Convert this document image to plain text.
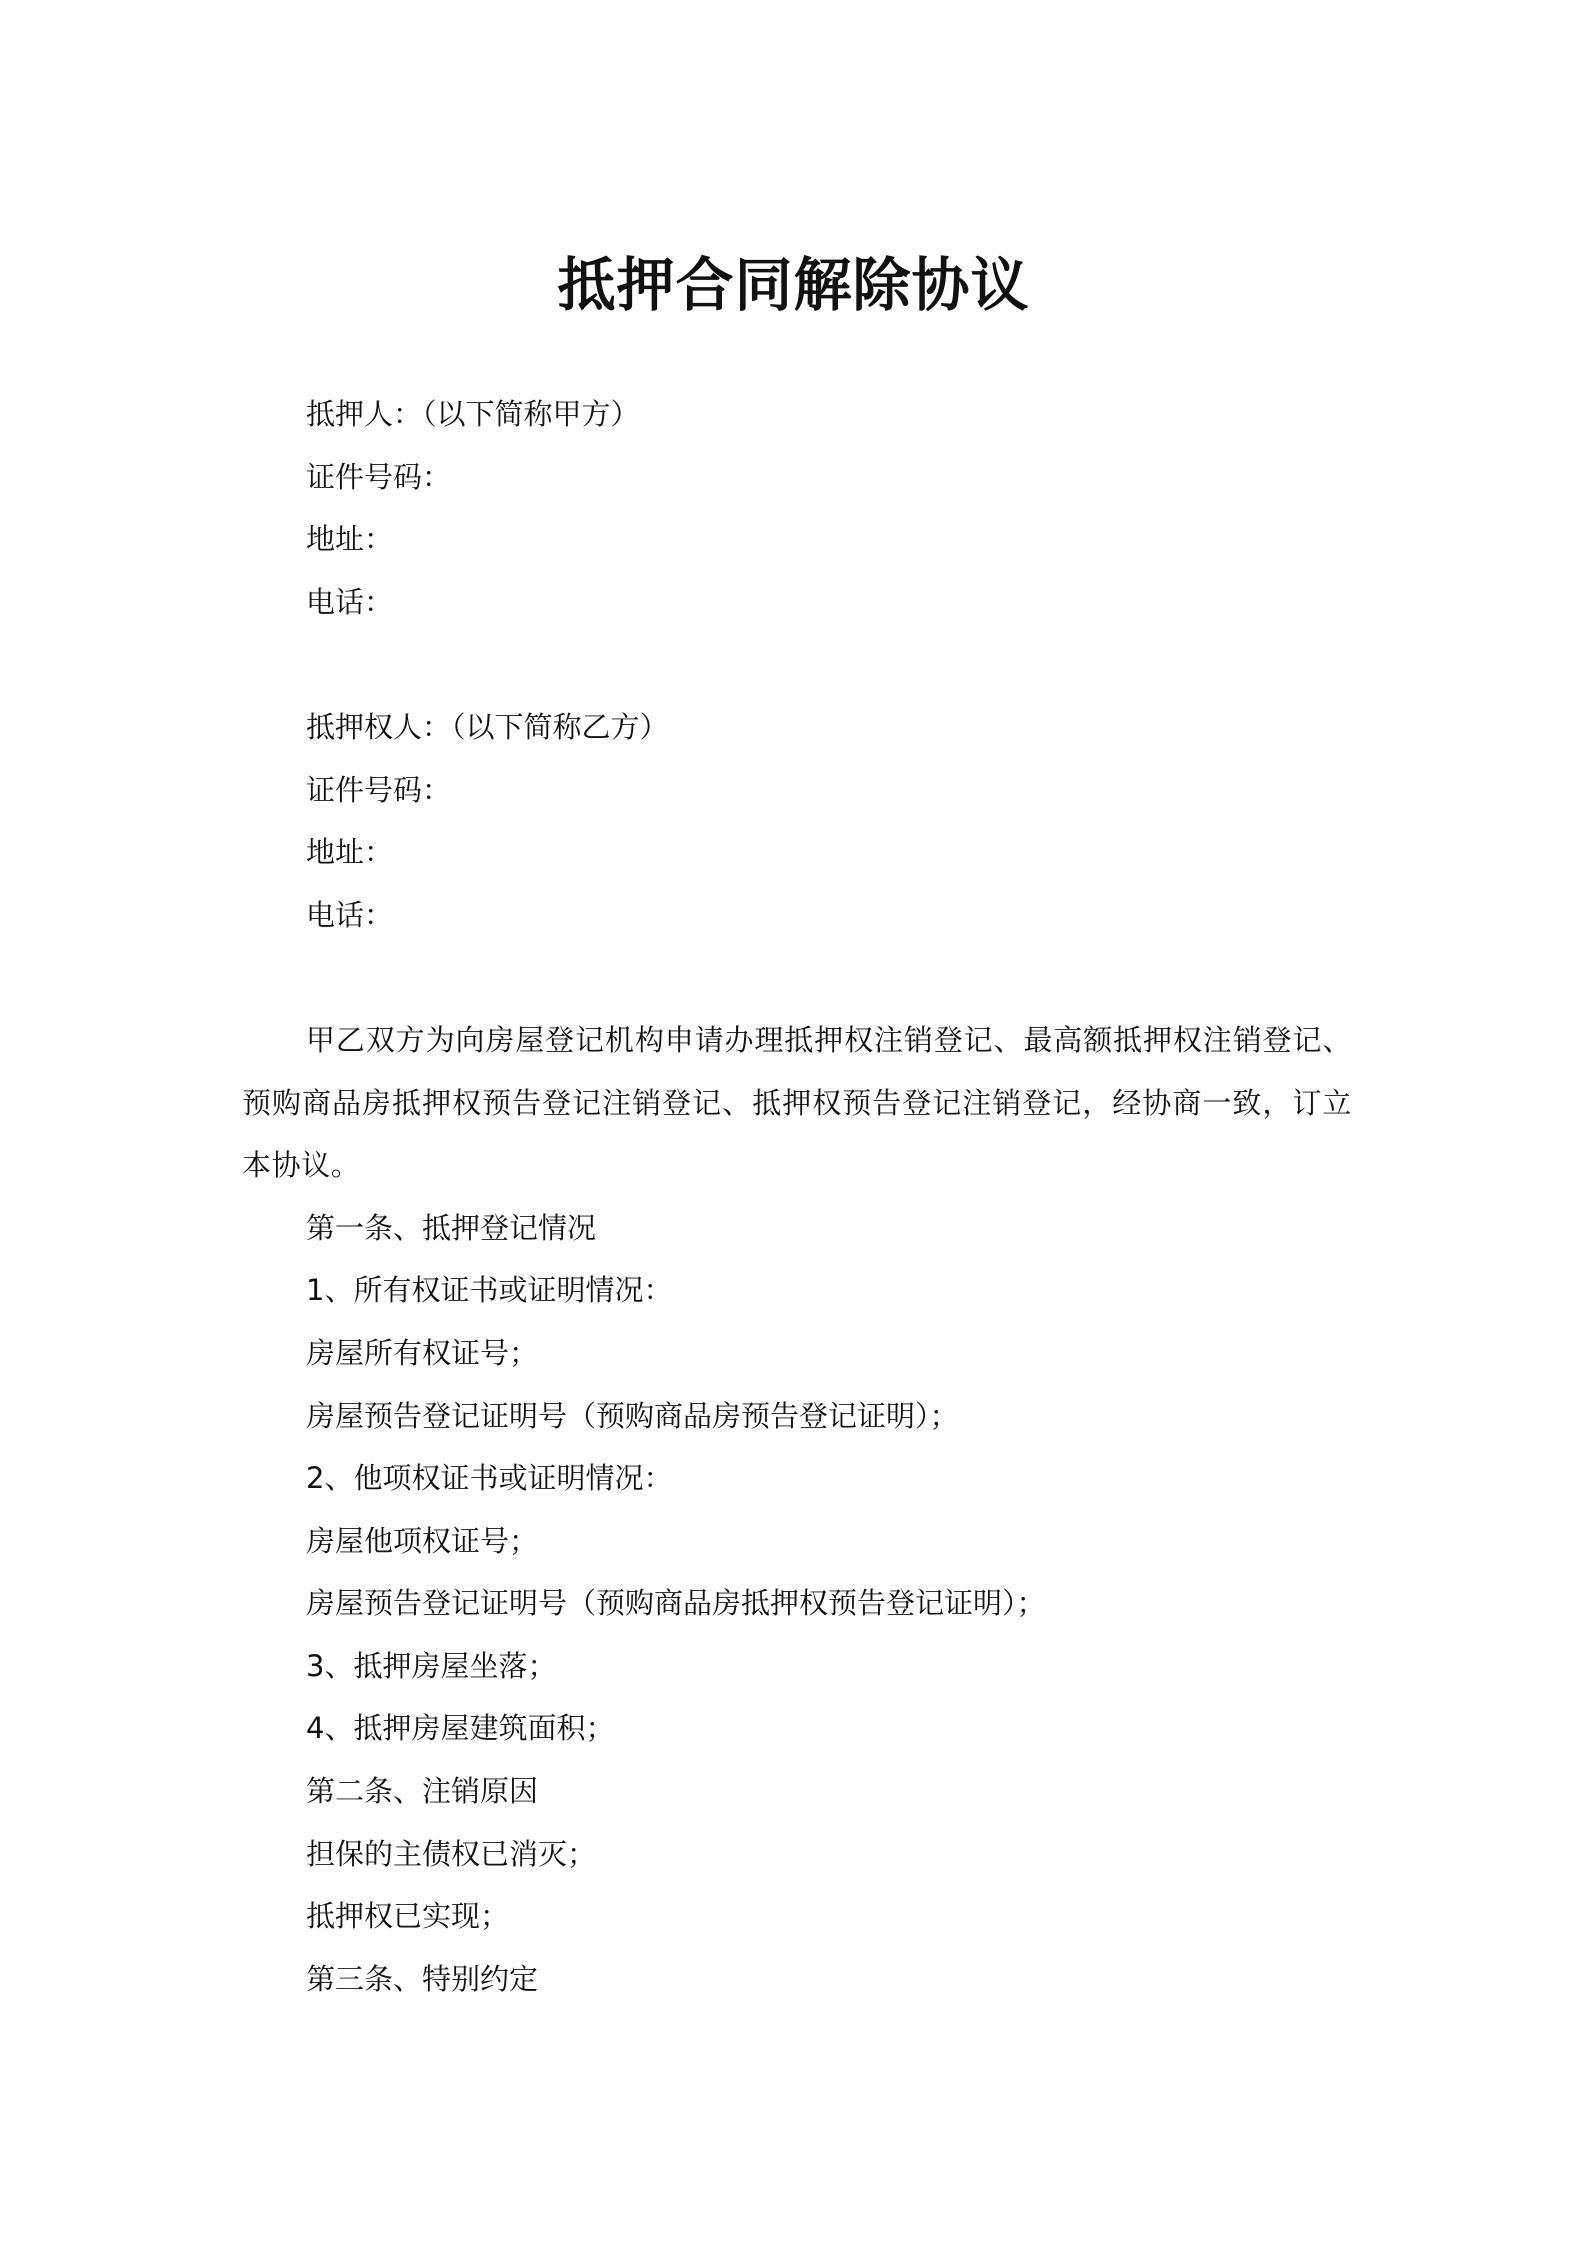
抵押合同解除协议
抵押人：（以下简称甲方）
证件号码：
地址：
电话：
抵押权人：（以下简称乙方）
证件号码：
地址：
电话：
甲乙双方为向房屋登记机构申请办理抵押权注销登记、最高额抵押权注销登记、预购商品房抵押权预告登记注销登记、抵押权预告登记注销登记，经协商一致，订立本协议。
第一条、抵押登记情况
1、所有权证书或证明情况：
房屋所有权证号；
房屋预告登记证明号（预购商品房预告登记证明）；
2、他项权证书或证明情况：
房屋他项权证号；
房屋预告登记证明号（预购商品房抵押权预告登记证明）；
3、抵押房屋坐落；
4、抵押房屋建筑面积；
第二条、注销原因
担保的主债权已消灭；
抵押权已实现；
第三条、特别约定
